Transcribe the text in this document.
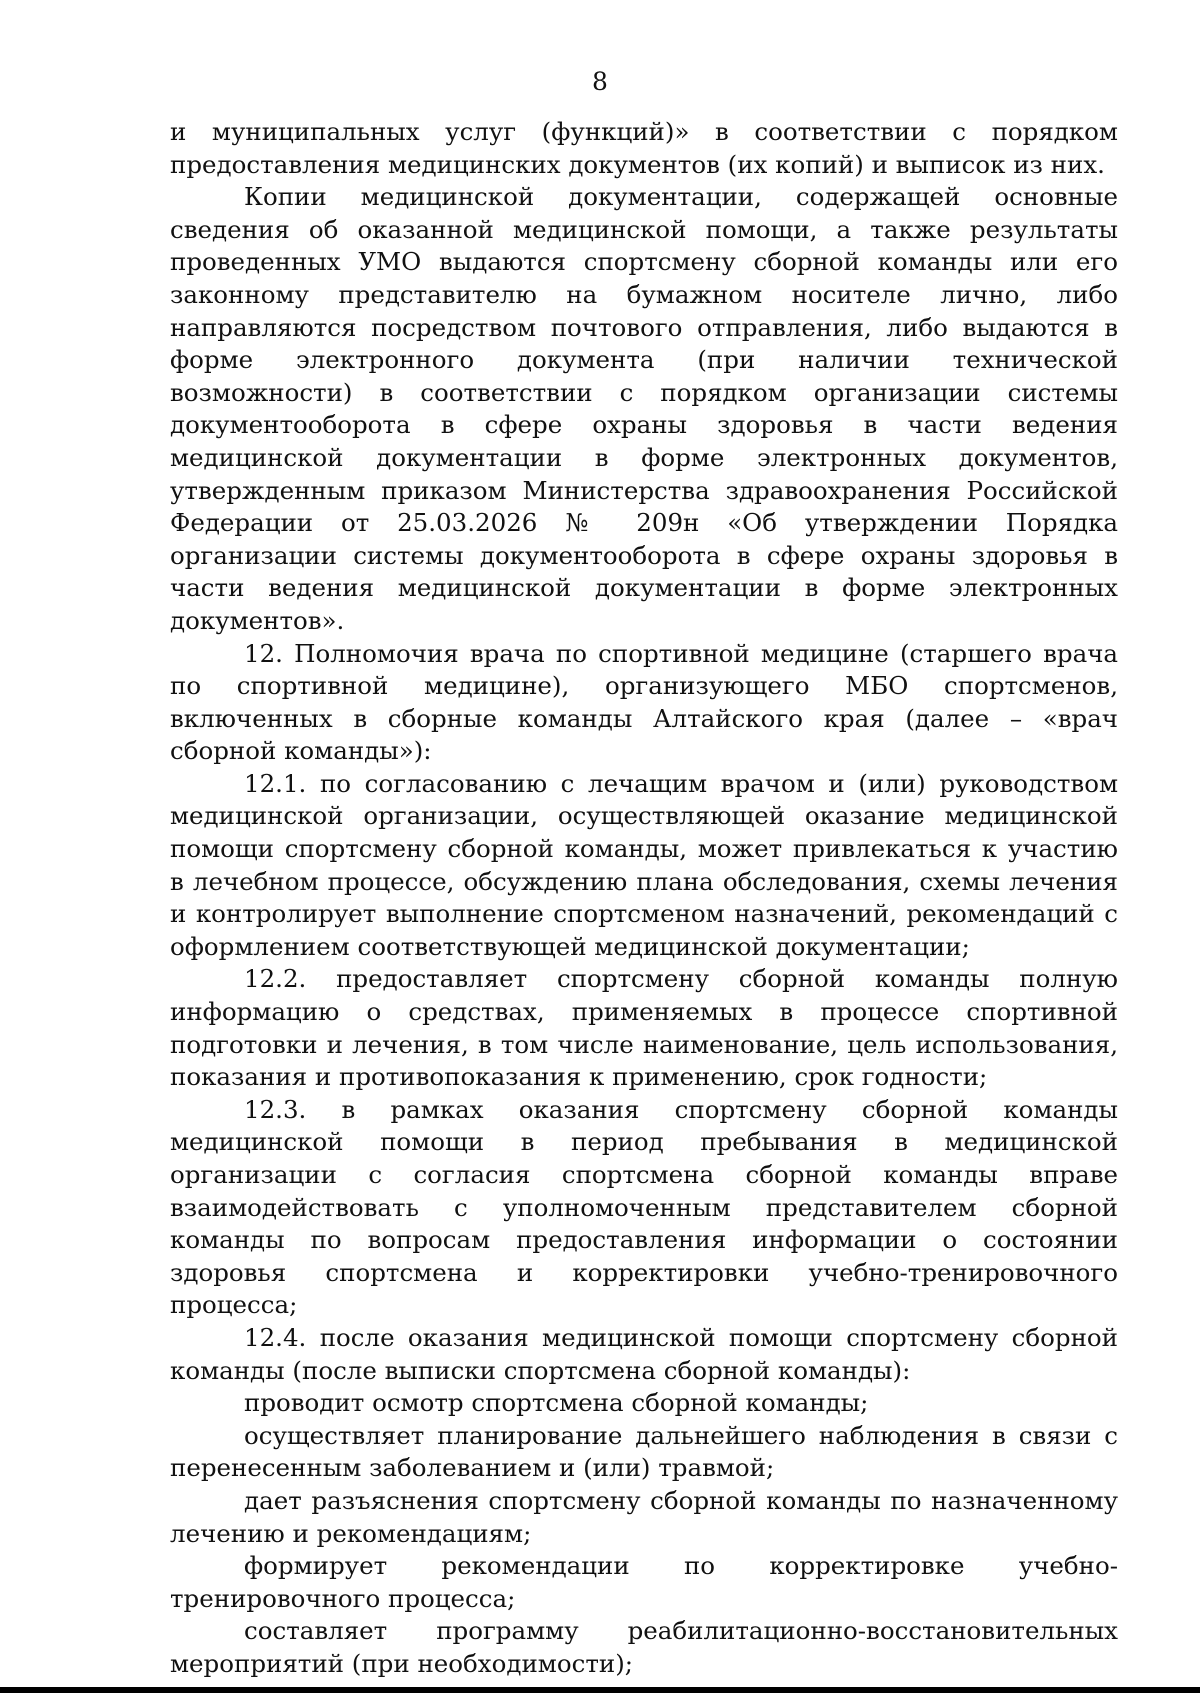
8

и муниципальных услуг (функций)» в соответствии с порядком предоставления медицинских документов (их копий) и выписок из них.

Копии медицинской документации, содержащей основные сведения об оказанной медицинской помощи, а также результаты проведенных УМО выдаются спортсмену сборной команды или его законному представителю на бумажном носителе лично, либо направляются посредством почтового отправления, либо выдаются в форме электронного документа (при наличии технической возможности) в соответствии с порядком организации системы документооборота в сфере охраны здоровья в части ведения медицинской документации в форме электронных документов, утвержденным приказом Министерства здравоохранения Российской Федерации от 25.03.2026 № 209н «Об утверждении Порядка организации системы документооборота в сфере охраны здоровья в части ведения медицинской документации в форме электронных документов».

12. Полномочия врача по спортивной медицине (старшего врача по спортивной медицине), организующего МБО спортсменов, включенных в сборные команды Алтайского края (далее – «врач сборной команды»):

12.1. по согласованию с лечащим врачом и (или) руководством медицинской организации, осуществляющей оказание медицинской помощи спортсмену сборной команды, может привлекаться к участию в лечебном процессе, обсуждению плана обследования, схемы лечения и контролирует выполнение спортсменом назначений, рекомендаций с оформлением соответствующей медицинской документации;

12.2. предоставляет спортсмену сборной команды полную информацию о средствах, применяемых в процессе спортивной подготовки и лечения, в том числе наименование, цель использования, показания и противопоказания к применению, срок годности;

12.3. в рамках оказания спортсмену сборной команды медицинской помощи в период пребывания в медицинской организации с согласия спортсмена сборной команды вправе взаимодействовать с уполномоченным представителем сборной команды по вопросам предоставления информации о состоянии здоровья спортсмена и корректировки учебно-тренировочного процесса;

12.4. после оказания медицинской помощи спортсмену сборной команды (после выписки спортсмена сборной команды):

проводит осмотр спортсмена сборной команды;

осуществляет планирование дальнейшего наблюдения в связи с перенесенным заболеванием и (или) травмой;

дает разъяснения спортсмену сборной команды по назначенному лечению и рекомендациям;

формирует рекомендации по корректировке учебно-тренировочного процесса;

составляет программу реабилитационно-восстановительных мероприятий (при необходимости);
